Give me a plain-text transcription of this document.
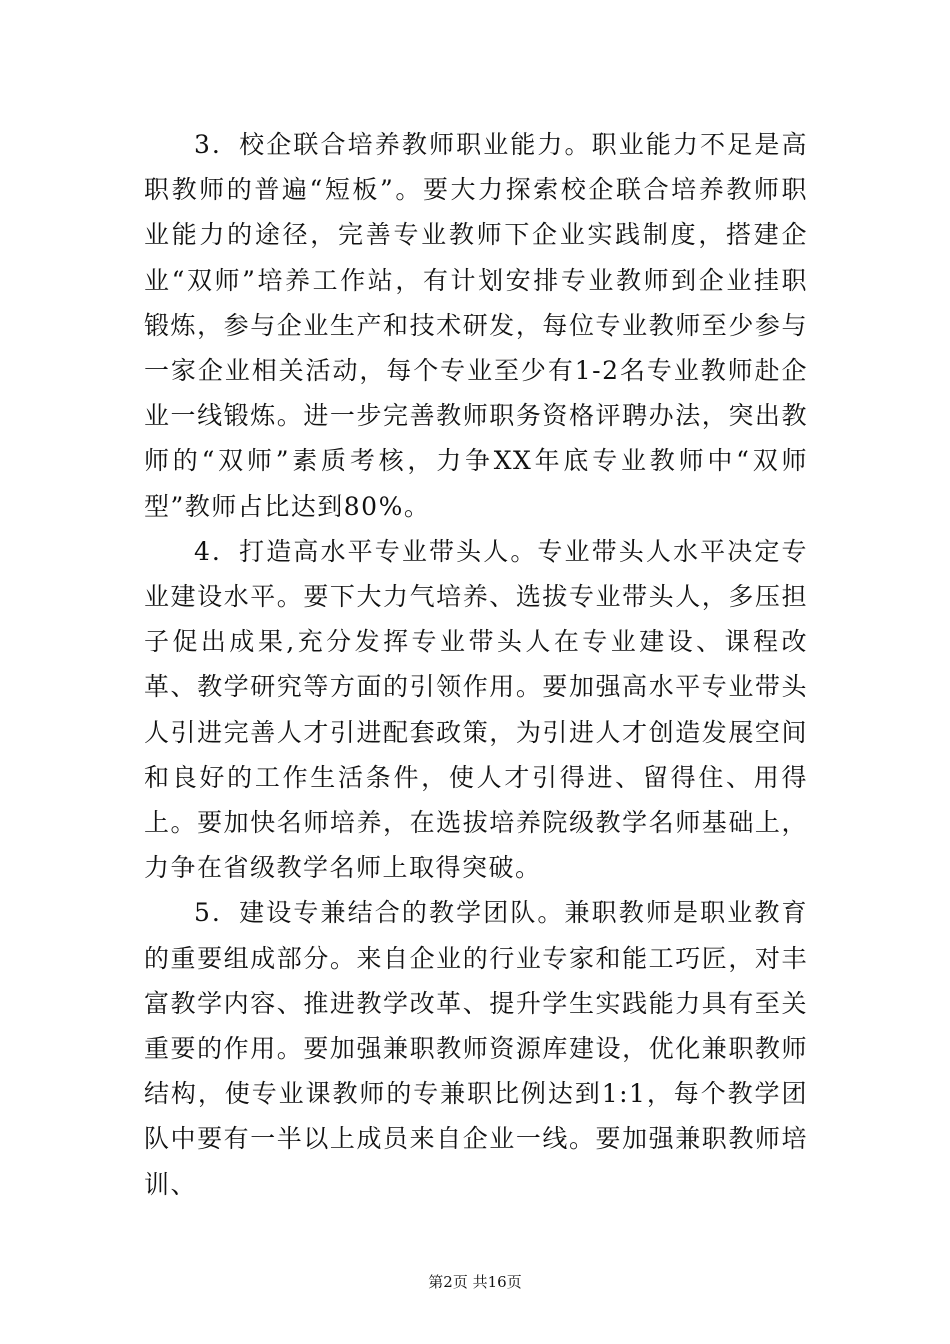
3．校企联合培养教师职业能力。职业能力不足是高职教师的普遍“短板”。要大力探索校企联合培养教师职业能力的途径，完善专业教师下企业实践制度，搭建企业“双师”培养工作站，有计划安排专业教师到企业挂职锻炼，参与企业生产和技术研发，每位专业教师至少参与一家企业相关活动，每个专业至少有1-2名专业教师赴企业一线锻炼。进一步完善教师职务资格评聘办法，突出教师的“双师”素质考核，力争XX年底专业教师中“双师型”教师占比达到80%。

4．打造高水平专业带头人。专业带头人水平决定专业建设水平。要下大力气培养、选拔专业带头人，多压担子促出成果,充分发挥专业带头人在专业建设、课程改革、教学研究等方面的引领作用。要加强高水平专业带头人引进完善人才引进配套政策，为引进人才创造发展空间和良好的工作生活条件，使人才引得进、留得住、用得上。要加快名师培养，在选拔培养院级教学名师基础上，力争在省级教学名师上取得突破。

5．建设专兼结合的教学团队。兼职教师是职业教育的重要组成部分。来自企业的行业专家和能工巧匠，对丰富教学内容、推进教学改革、提升学生实践能力具有至关重要的作用。要加强兼职教师资源库建设，优化兼职教师结构，使专业课教师的专兼职比例达到1:1，每个教学团队中要有一半以上成员来自企业一线。要加强兼职教师培训、

第2页 共16页
